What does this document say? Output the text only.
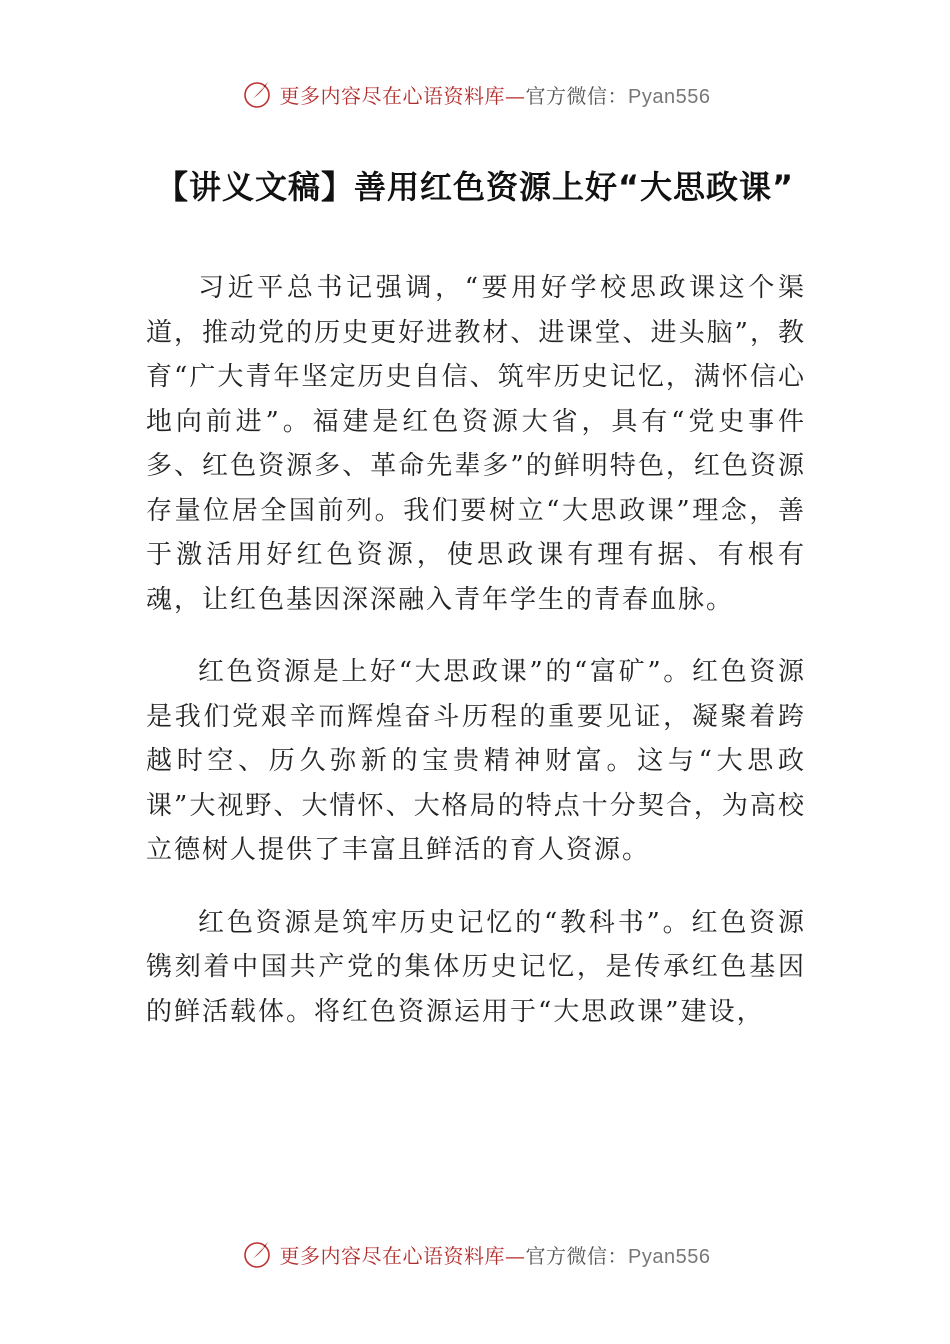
更多内容尽在心语资料库—官方微信：Pyan556
【讲义文稿】善用红色资源上好“大思政课”

习近平总书记强调，“要用好学校思政课这个渠道，推动党的历史更好进教材、进课堂、进头脑”，教育“广大青年坚定历史自信、筑牢历史记忆，满怀信心地向前进”。福建是红色资源大省，具有“党史事件多、红色资源多、革命先辈多”的鲜明特色，红色资源存量位居全国前列。我们要树立“大思政课”理念，善于激活用好红色资源，使思政课有理有据、有根有魂，让红色基因深深融入青年学生的青春血脉。

红色资源是上好“大思政课”的“富矿”。红色资源是我们党艰辛而辉煌奋斗历程的重要见证，凝聚着跨越时空、历久弥新的宝贵精神财富。这与“大思政课”大视野、大情怀、大格局的特点十分契合，为高校立德树人提供了丰富且鲜活的育人资源。

红色资源是筑牢历史记忆的“教科书”。红色资源镌刻着中国共产党的集体历史记忆，是传承红色基因的鲜活载体。将红色资源运用于“大思政课”建设，

更多内容尽在心语资料库—官方微信：Pyan556
